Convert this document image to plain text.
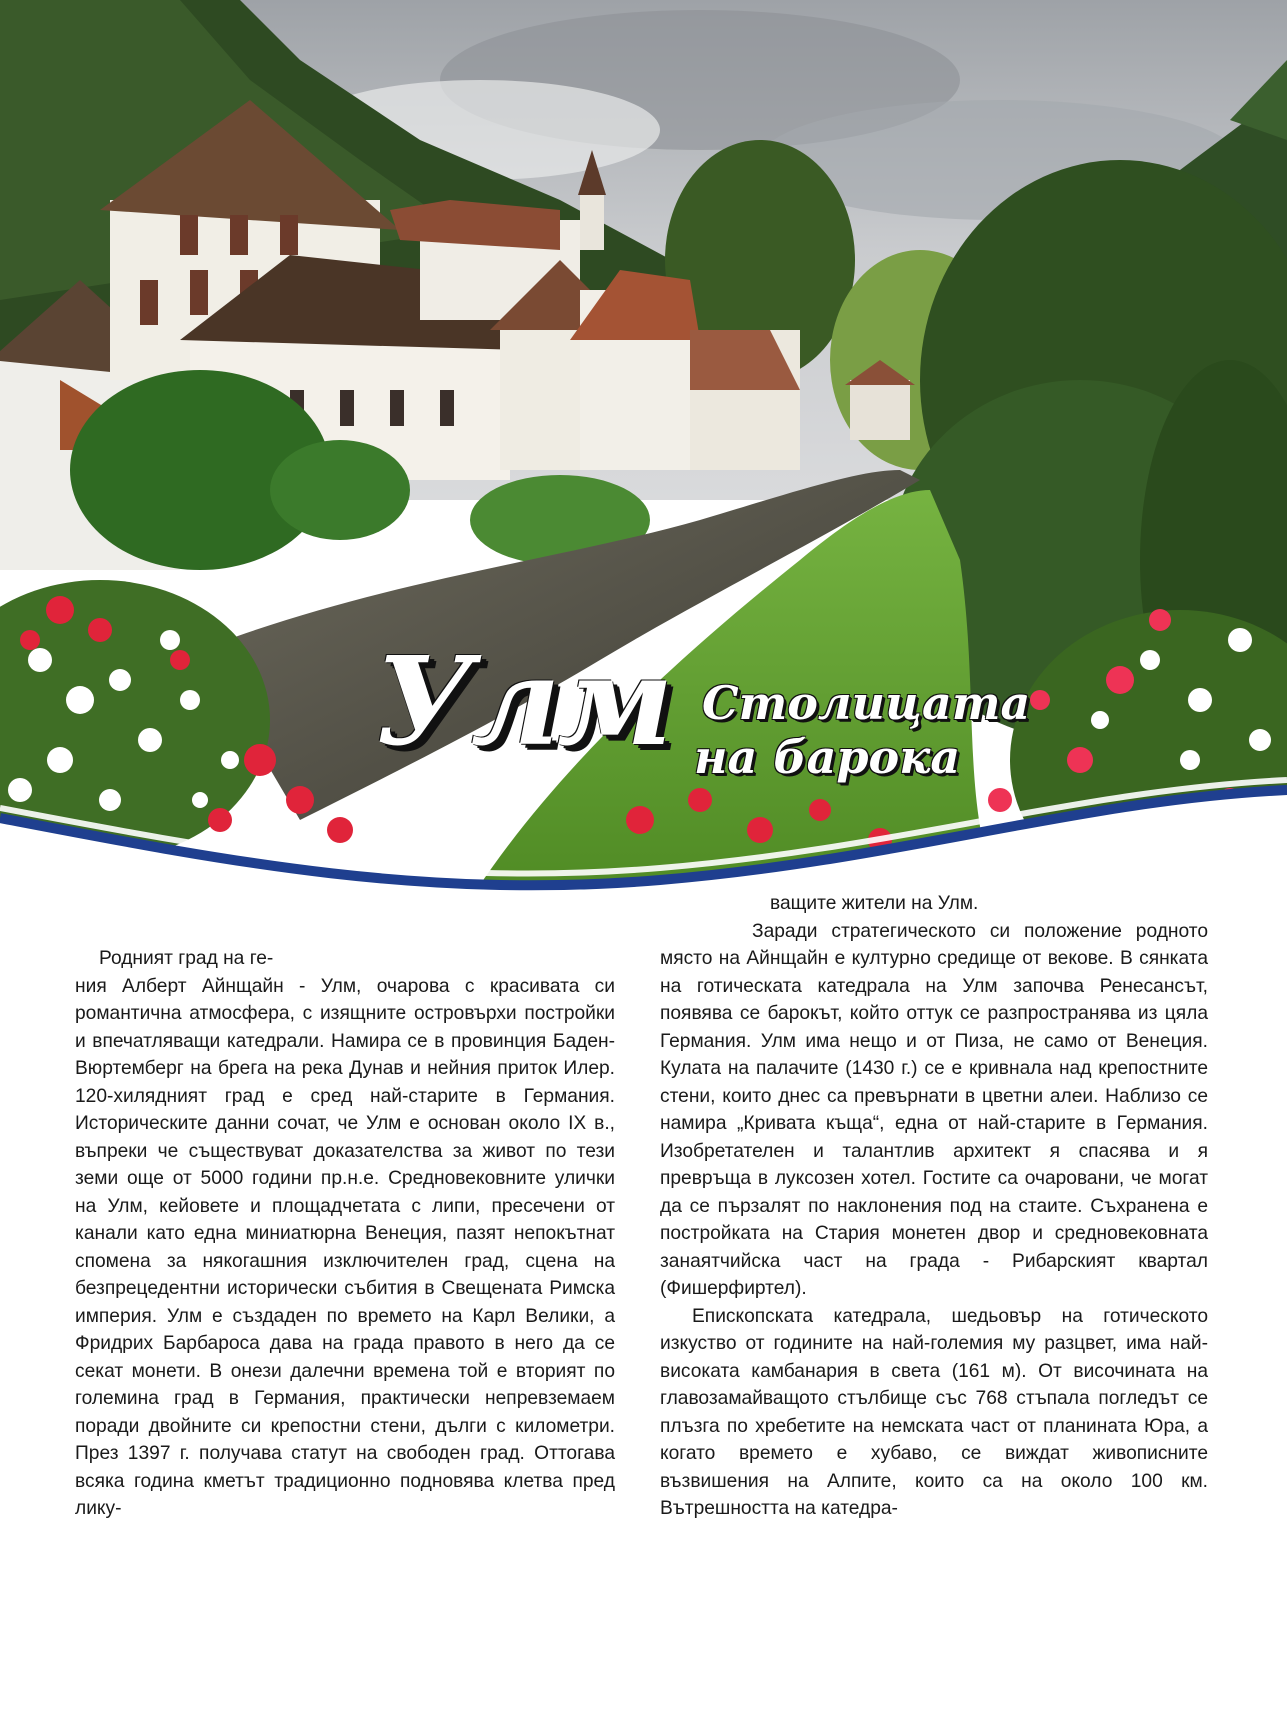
Улм Столицата
на барока

Родният град на ге-

ния Алберт Айнщайн - Улм, очарова с красивата си романтична атмосфера, с изящните островърхи постройки и впечатляващи катедрали. Намира се в провинция Баден-Вюртемберг на брега на река Дунав и нейния приток Илер. 120-хилядният град е сред най-старите в Германия. Историческите данни сочат, че Улм е основан около IX в., въпреки че съществуват доказателства за живот по тези земи още от 5000 години пр.н.е. Средновековните улички на Улм, кейовете и площадчетата с липи, пресечени от канали като една миниатюрна Венеция, пазят непокътнат спомена за някогашния изключителен град, сцена на безпрецедентни исторически събития в Свещената Римска империя. Улм е създаден по времето на Карл Велики, а Фридрих Барбароса дава на града правото в него да се секат монети. В онези далечни времена той е вторият по големина град в Германия, практически непревземаем поради двойните си крепостни стени, дълги с километри. През 1397 г. получава статут на свободен град. Оттогава всяка година кметът традиционно подновява клетва пред лику-

ващите жители на Улм.

Заради стратегическото си положение родното място на Айнщайн е културно средище от векове. В сянката на готическата катедрала на Улм започва Ренесансът, появява се барокът, който оттук се разпространява из цяла Германия. Улм има нещо и от Пиза, не само от Венеция. Кулата на палачите (1430 г.) се е кривнала над крепостните стени, които днес са превърнати в цветни алеи. Наблизо се намира „Кривата къща“, една от най-старите в Германия. Изобретателен и талантлив архитект я спасява и я превръща в луксозен хотел. Гостите са очаровани, че могат да се пързалят по наклонения под на стаите. Съхранена е постройката на Стария монетен двор и средновековната занаятчийска част на града - Рибарският квартал (Фишерфиртел).

Епископската катедрала, шедьовър на готическото изкуство от годините на най-големия му разцвет, има най-високата камбанария в света (161 м). От височината на главозамайващото стълбище със 768 стъпала погледът се плъзга по хребетите на немската част от планината Юра, а когато времето е хубаво, се виждат живописните възвишения на Алпите, които са на около 100 км. Вътрешността на катедра-
